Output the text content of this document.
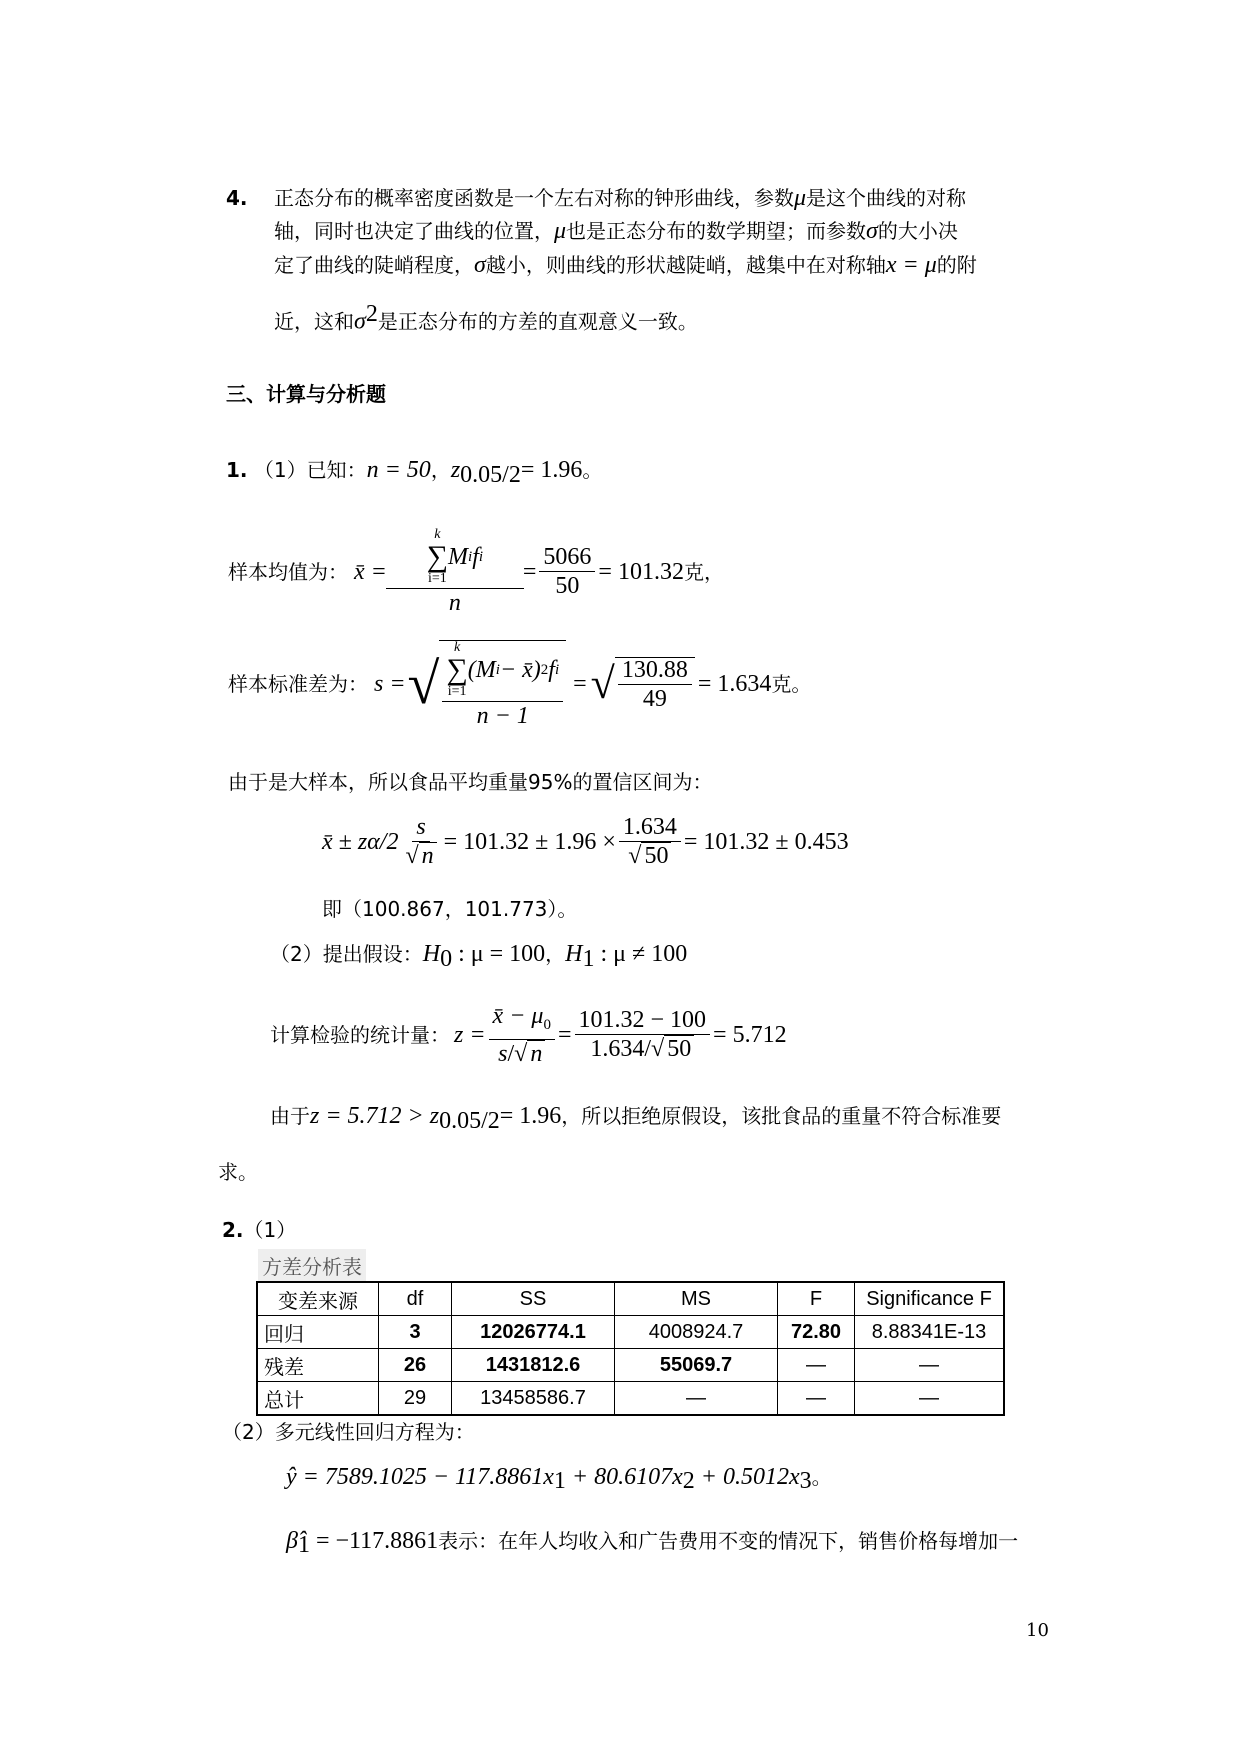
4. 正态分布的概率密度函数是一个左右对称的钟形曲线，参数μ是这个曲线的对称
轴，同时也决定了曲线的位置，μ也是正态分布的数学期望；而参数σ的大小决
定了曲线的陡峭程度，σ越小，则曲线的形状越陡峭，越集中在对称轴x = μ的附
近，这和$\sigma^2$是正态分布的方差的直观意义一致。
三、计算与分析题
1. （1）已知：n = 50，$z_{0.05/2}= 1.96$。
样本均值为： x̄ = k
∑
i=1
M i f i
$n = \frac{5066}{50} = 101.32$ 克，
样本标准差为： s = √ k
∑
i=1
(M i − x̄) 2 f i
n − 1 = √ $\frac{130.88}{49} = 1.634$ 克。
由于是大样本，所以食品平均重量95%的置信区间为：
x̄ ± z $\alpha/2 \frac{s}{√ n} = 101.32 \pm 1.96 \times \frac{1.634}{√ 50} = 101.32 \pm 0.453$
即（100.867，101.773）。
（2）提出假设：$H_0$ : μ = 100，$H_1$ : μ ≠ 100
计算检验的统计量： $z = \frac{x̄ - \mu_0}{s/√ n} = \frac{101.32 - 100}{1.634/√ 50} = 5.712$
由于$z = 5.712 > z_{0.05/2}= 1.96$，所以拒绝原假设，该批食品的重量不符合标准要
求。
2.（1）
方差分析表
变差来源	df	SS	MS	F	Significance F
回归	3	12026774.1	4008924.7	72.80	8.88341E-13
残差	26	1431812.6	55069.7	—	—
总计	29	13458586.7	—	—	—
（2）多元线性回归方程为：
ŷ = $7589.1025 - 117.8861x_1 + 80.6107x_2 + 0.5012x_3$。
$\betâ_1 = -117.8861$表示：在年人均收入和广告费用不变的情况下，销售价格每增加一
10
